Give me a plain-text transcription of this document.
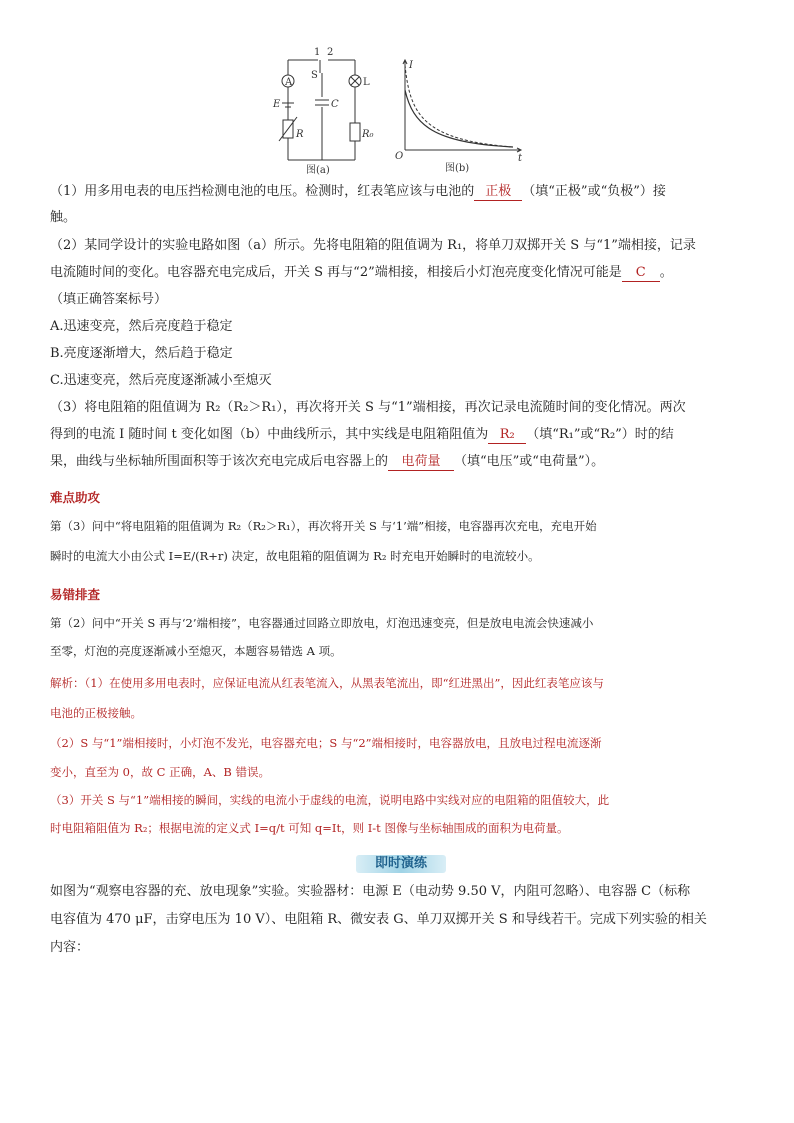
A
1 2
S
E
R
C
L
R₀
图(a)
I
t
O
图(b)
（1）用多用电表的电压挡检测电池的电压。检测时，红表笔应该与电池的 正极 （填“正极”或“负极”）接
触。
（2）某同学设计的实验电路如图（a）所示。先将电阻箱的阻值调为 R₁，将单刀双掷开关 S 与“1”端相接，记录
电流随时间的变化。电容器充电完成后，开关 S 再与“2”端相接，相接后小灯泡亮度变化情况可能是 C 。
（填正确答案标号）
A.迅速变亮，然后亮度趋于稳定
B.亮度逐渐增大，然后趋于稳定
C.迅速变亮，然后亮度逐渐减小至熄灭
（3）将电阻箱的阻值调为 R₂（R₂＞R₁），再次将开关 S 与“1”端相接，再次记录电流随时间的变化情况。两次
得到的电流 I 随时间 t 变化如图（b）中曲线所示，其中实线是电阻箱阻值为 R₂ （填“R₁”或“R₂”）时的结
果，曲线与坐标轴所围面积等于该次充电完成后电容器上的 电荷量 （填“电压”或“电荷量”）。
难点助攻
第（3）问中“将电阻箱的阻值调为 R₂（R₂＞R₁），再次将开关 S 与‘1’端”相接，电容器再次充电，充电开始
瞬时的电流大小由公式 I=E/(R+r) 决定，故电阻箱的阻值调为 R₂ 时充电开始瞬时的电流较小。
易错排查
第（2）问中“开关 S 再与‘2’端相接”，电容器通过回路立即放电，灯泡迅速变亮，但是放电电流会快速减小
至零，灯泡的亮度逐渐减小至熄灭，本题容易错选 A 项。
解析：（1）在使用多用电表时，应保证电流从红表笔流入，从黑表笔流出，即“红进黑出”，因此红表笔应该与
电池的正极接触。
（2）S 与“1”端相接时，小灯泡不发光，电容器充电；S 与“2”端相接时，电容器放电，且放电过程电流逐渐
变小，直至为 0，故 C 正确，A、B 错误。
（3）开关 S 与“1”端相接的瞬间，实线的电流小于虚线的电流，说明电路中实线对应的电阻箱的阻值较大，此
时电阻箱阻值为 R₂；根据电流的定义式 I=q/t 可知 q=It，则 I-t 图像与坐标轴围成的面积为电荷量。
即时演练
如图为“观察电容器的充、放电现象”实验。实验器材：电源 E（电动势 9.50 V，内阻可忽略）、电容器 C（标称
电容值为 470 μF，击穿电压为 10 V）、电阻箱 R、微安表 G、单刀双掷开关 S 和导线若干。完成下列实验的相关
内容：
